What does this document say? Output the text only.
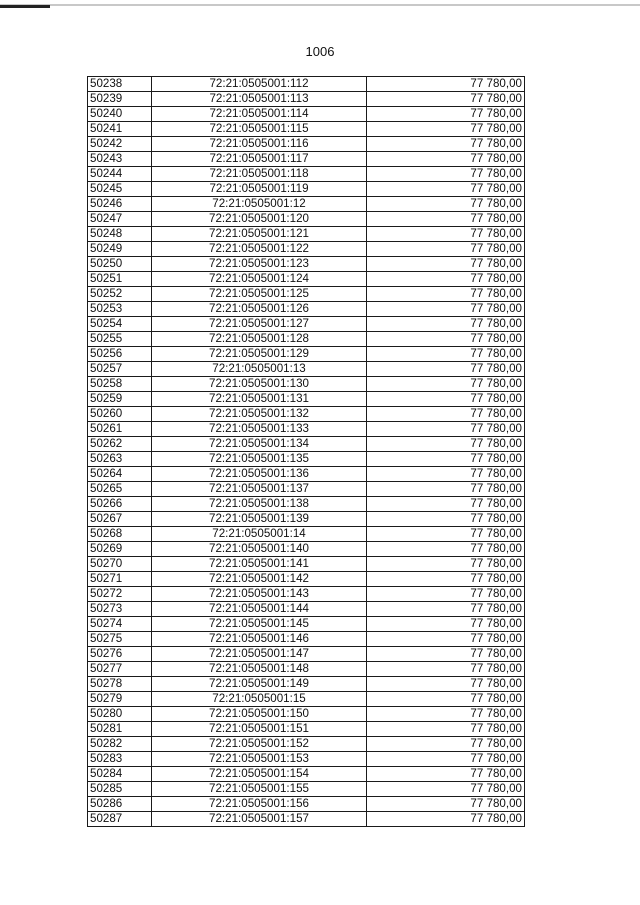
1006
50238	72:21:0505001:112	77 780,00
50239	72:21:0505001:113	77 780,00
50240	72:21:0505001:114	77 780,00
50241	72:21:0505001:115	77 780,00
50242	72:21:0505001:116	77 780,00
50243	72:21:0505001:117	77 780,00
50244	72:21:0505001:118	77 780,00
50245	72:21:0505001:119	77 780,00
50246	72:21:0505001:12	77 780,00
50247	72:21:0505001:120	77 780,00
50248	72:21:0505001:121	77 780,00
50249	72:21:0505001:122	77 780,00
50250	72:21:0505001:123	77 780,00
50251	72:21:0505001:124	77 780,00
50252	72:21:0505001:125	77 780,00
50253	72:21:0505001:126	77 780,00
50254	72:21:0505001:127	77 780,00
50255	72:21:0505001:128	77 780,00
50256	72:21:0505001:129	77 780,00
50257	72:21:0505001:13	77 780,00
50258	72:21:0505001:130	77 780,00
50259	72:21:0505001:131	77 780,00
50260	72:21:0505001:132	77 780,00
50261	72:21:0505001:133	77 780,00
50262	72:21:0505001:134	77 780,00
50263	72:21:0505001:135	77 780,00
50264	72:21:0505001:136	77 780,00
50265	72:21:0505001:137	77 780,00
50266	72:21:0505001:138	77 780,00
50267	72:21:0505001:139	77 780,00
50268	72:21:0505001:14	77 780,00
50269	72:21:0505001:140	77 780,00
50270	72:21:0505001:141	77 780,00
50271	72:21:0505001:142	77 780,00
50272	72:21:0505001:143	77 780,00
50273	72:21:0505001:144	77 780,00
50274	72:21:0505001:145	77 780,00
50275	72:21:0505001:146	77 780,00
50276	72:21:0505001:147	77 780,00
50277	72:21:0505001:148	77 780,00
50278	72:21:0505001:149	77 780,00
50279	72:21:0505001:15	77 780,00
50280	72:21:0505001:150	77 780,00
50281	72:21:0505001:151	77 780,00
50282	72:21:0505001:152	77 780,00
50283	72:21:0505001:153	77 780,00
50284	72:21:0505001:154	77 780,00
50285	72:21:0505001:155	77 780,00
50286	72:21:0505001:156	77 780,00
50287	72:21:0505001:157	77 780,00
